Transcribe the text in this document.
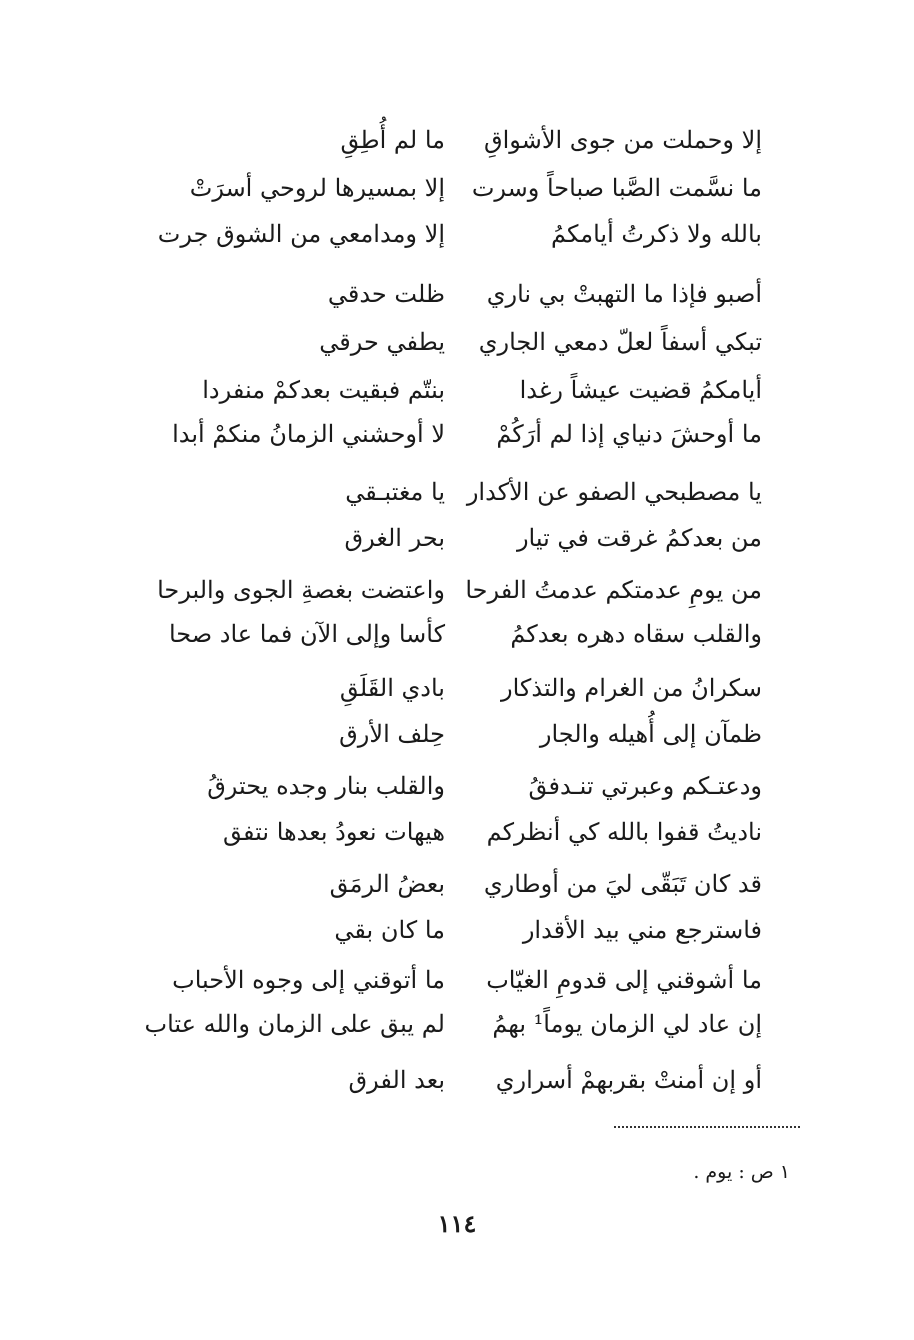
إلا وحملت من جوى الأشواقِ
ما لم أُطِقِ
ما نسَّمت الصَّبا صباحاً وسرت
إلا بمسيرها لروحي أسرَتْ
بالله ولا ذكرتُ أيامكمُ
إلا ومدامعي من الشوق جرت
أصبو فإذا ما التهبتْ بي ناري
ظلت حدقي
تبكي أسفاً لعلّ دمعي الجاري
يطفي حرقي
أيامكمُ قضيت عيشاً رغدا
بنتّم فبقيت بعدكمْ منفردا
ما أوحشَ دنياي إذا لم أرَكُمْ
لا أوحشني الزمانُ منكمْ أبدا
يا مصطبحي الصفو عن الأكدار
يا مغتبـقي
من بعدكمُ غرقت في تيار
بحر الغرق
من يومِ عدمتكم عدمتُ الفرحا
واعتضت بغصةِ الجوى والبرحا
والقلب سقاه دهره بعدكمُ
كأسا وإلى الآن فما عاد صحا
سكرانُ من الغرام والتذكار
بادي القَلَقِ
ظمآن إلى أُهيله والجار
حِلف الأرق
ودعتـكم وعبرتي تنـدفقُ
والقلب بنار وجده يحترقُ
ناديتُ قفوا بالله كي أنظركم
هيهات نعودُ بعدها نتفق
قد كان تَبَقّى ليَ من أوطاري
بعضُ الرمَق
فاسترجع مني بيد الأقدار
ما كان بقي
ما أشوقني إلى قدومِ الغيّاب
ما أتوقني إلى وجوه الأحباب
إن عاد لي الزمان يوماً¹ بهمُ
لم يبق على الزمان والله عتاب
أو إن أمنتْ بقربهمْ أسراري
بعد الفرق
١ ص : يوم .
١١٤
